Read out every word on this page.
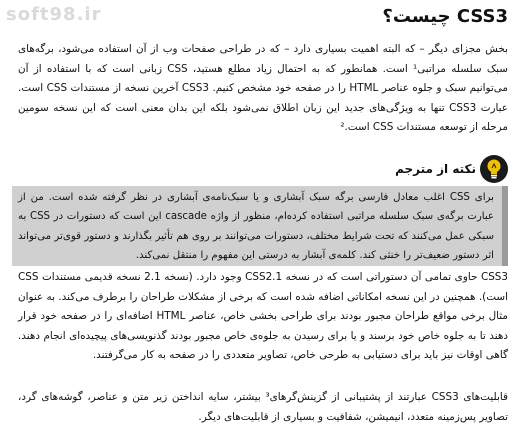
soft98.ir	CSS3 چیست؟

بخش مجزای دیگر – که البته اهمیت بسیاری دارد – که در طراحی صفحات وب از آن استفاده می‌شود، برگه‌های سبک سلسله مراتبی¹ است. همانطور که به احتمال زیاد مطلع هستید، CSS زبانی است که با استفاده از آن می‌توانیم سبک و جلوه عناصر HTML را در صفحه خود مشخص کنیم. CSS3 آخرین نسخه از مستندات CSS است. عبارت CSS3 تنها به ویژگی‌های جدید این زبان اطلاق نمی‌شود بلکه این بدان معنی است که این نسخه سومین مرحله از توسعه مستندات CSS است.²

نکته از مترجم

برای CSS اغلب معادل فارسی برگه سبک آبشاری و یا سبک‌نامه‌ی آبشاری در نظر گرفته شده است. من از عبارت برگه‌ی سبک سلسله مراتبی استفاده کرده‌ام، منظور از واژه cascade این است که دستورات در CSS به سبکی عمل می‌کنند که تحت شرایط مختلف، دستورات می‌توانند بر روی هم تأثیر بگذارند و دستور قوی‌تر می‌تواند اثر دستور ضعیف‌تر را خنثی کند. کلمه‌ی آبشار به درستی این مفهوم را منتقل نمی‌کند.

CSS3 حاوی تمامی آن دستوراتی است که در نسخه CSS2.1 وجود دارد. (نسخه 2.1 نسخه قدیمی مستندات CSS است). همچنین در این نسخه امکاناتی اضافه شده است که برخی از مشکلات طراحان را برطرف می‌کند. به عنوان مثال برخی مواقع طراحان مجبور بودند برای طراحی بخشی خاص، عناصر HTML اضافه‌ای را در صفحه خود قرار دهند تا به جلوه خاص خود برسند و یا برای رسیدن به جلوه‌ی خاص مجبور بودند گذنویسی‌های پیچیده‌ای انجام دهند. گاهی اوقات نیز باید برای دستیابی به طرحی خاص، تصاویر متعددی را در صفحه به کار می‌گرفتند.

قابلیت‌های CSS3 عبارتند از پشتیبانی از گزینش‌گرهای³ بیشتر، سایه انداختن زیر متن و عناصر، گوشه‌های گرد، تصاویر پس‌زمینه متعدد، انیمیشن، شفافیت و بسیاری از قابلیت‌های دیگر.
